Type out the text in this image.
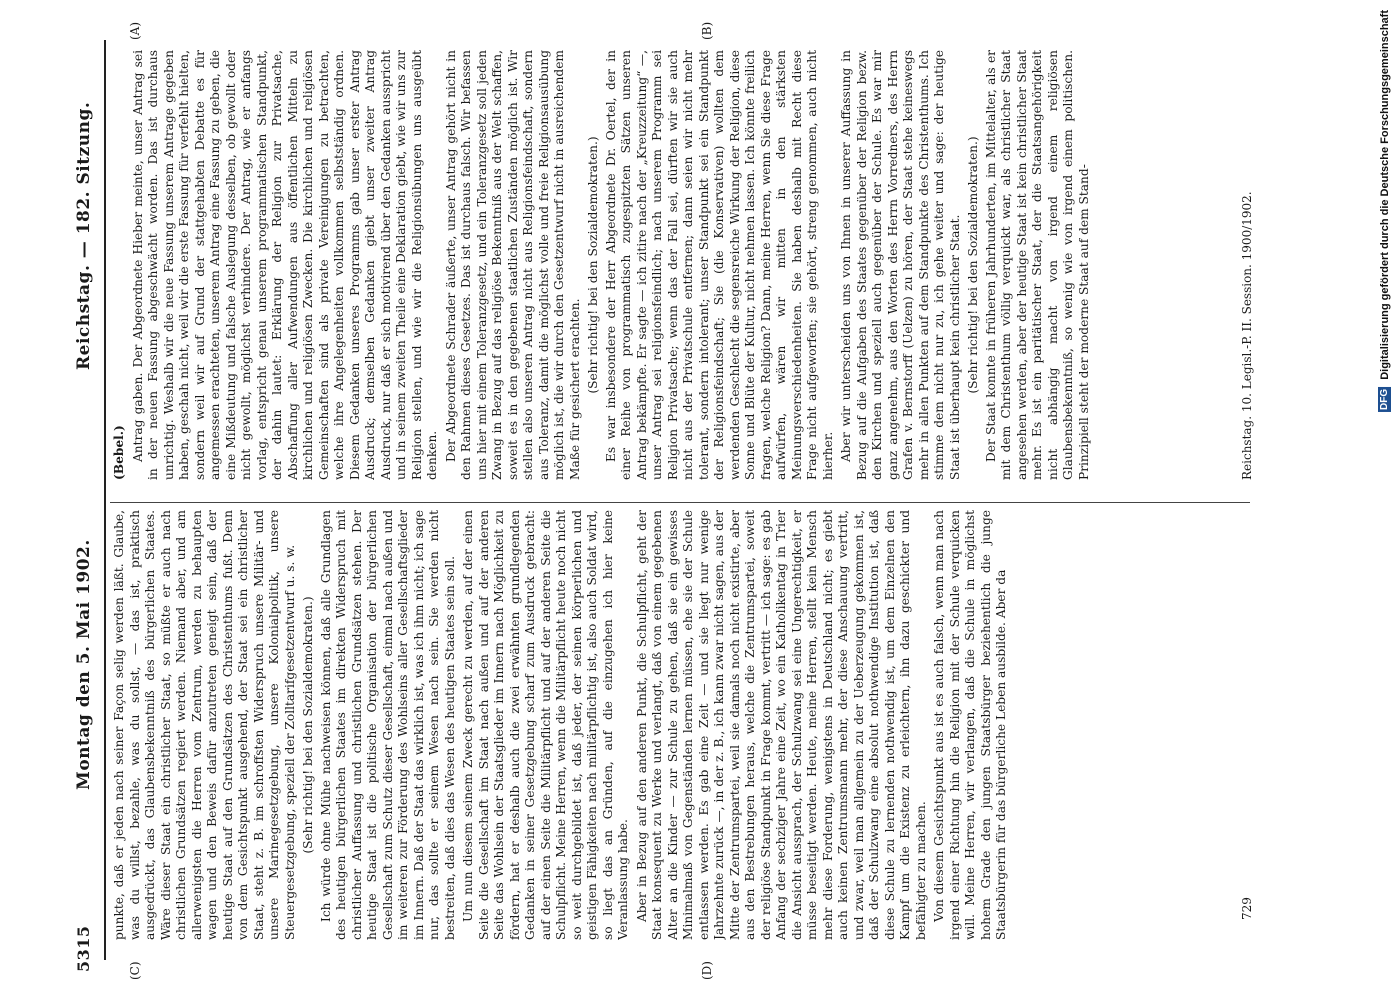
Reichstag. — 182. Sitzung.
Montag den 5. Mai 1902.
5315
(A)	(B)
(C)	(D)

(Bebel.) Antrag gaben. Der Abgeordnete Hieber meinte, unser Antrag sei in der neuen Fassung abgeschwächt worden. Das ist durchaus unrichtig. Weshalb wir die neue Fassung unserem Antrage gegeben haben, geschah nicht, weil wir die erste Fassung für verfehlt hielten, sondern weil wir auf Grund der stattgehabten Debatte es für angemessen erachteten, unserem Antrag eine Fassung zu geben, die eine Mißdeutung und falsche Auslegung desselben, ob gewollt oder nicht gewollt, möglichst verhindere. Der Antrag, wie er anfangs vorlag, entspricht genau unserem programmatischen Standpunkt, der dahin lautet: Erklärung der Religion zur Privatsache, Abschaffung aller Aufwendungen aus öffentlichen Mitteln zu kirchlichen und religiösen Zwecken. Die kirchlichen und religiösen Gemeinschaften sind als private Vereinigungen zu betrachten, welche ihre Angelegenheiten vollkommen selbstständig ordnen. Diesem Gedanken unseres Programms gab unser erster Antrag Ausdruck; demselben Gedanken giebt unser zweiter Antrag Ausdruck, nur daß er sich motivirend über den Gedanken ausspricht und in seinem zweiten Theile eine Deklaration giebt, wie wir uns zur Religion stellen, und wie wir die Religionsübungen uns ausgeübt denken. Der Abgeordnete Schrader äußerte, unser Antrag gehört nicht in den Rahmen dieses Gesetzes. Das ist durchaus falsch. Wir befassen uns hier mit einem Toleranzgesetz, und ein Toleranzgesetz soll jeden Zwang in Bezug auf das religiöse Bekenntniß aus der Welt schaffen, soweit es in den gegebenen staatlichen Zuständen möglich ist. Wir stellen also unseren Antrag nicht aus Religionsfeindschaft, sondern aus Toleranz, damit die möglichst volle und freie Religionsausübung möglich ist, die wir durch den Gesetzentwurf nicht in ausreichendem Maße für gesichert erachten. (Sehr richtig! bei den Sozialdemokraten.) Es war insbesondere der Herr Abgeordnete Dr. Oertel, der in einer Reihe von programmatisch zugespitzten Sätzen unseren Antrag bekämpfte. Er sagte — ich zitire nach der „Kreuzzeitung“ —, unser Antrag sei religionsfeindlich; nach unserem Programm sei Religion Privatsache; wenn das der Fall sei, dürften wir sie auch nicht aus der Privatschule entfernen; dann seien wir nicht mehr tolerant, sondern intolerant; unser Standpunkt sei ein Standpunkt der Religionsfeindschaft; Sie (die Konservativen) wollten dem werdenden Geschlecht die segensreiche Wirkung der Religion, diese Sonne und Blüte der Kultur, nicht nehmen lassen. Ich könnte freilich fragen, welche Religion? Dann, meine Herren, wenn Sie diese Frage aufwürfen, wären wir mitten in den stärksten Meinungsverschiedenheiten. Sie haben deshalb mit Recht diese Frage nicht aufgeworfen; sie gehört, streng genommen, auch nicht hierher. Aber wir unterscheiden uns von Ihnen in unserer Auffassung in Bezug auf die Aufgaben des Staates gegenüber der Religion bezw. den Kirchen und speziell auch gegenüber der Schule. Es war mir ganz angenehm, aus den Worten des Herrn Vorredners, des Herrn Grafen v. Bernstorff (Uelzen) zu hören, der Staat stehe keineswegs mehr in allen Punkten auf dem Standpunkte des Christenthums. Ich stimme dem nicht nur zu, ich gehe weiter und sage: der heutige Staat ist überhaupt kein christlicher Staat. (Sehr richtig! bei den Sozialdemokraten.) Der Staat konnte in früheren Jahrhunderten, im Mittelalter, als er mit dem Christenthum völlig verquickt war, als christlicher Staat angesehen werden, aber der heutige Staat ist kein christlicher Staat mehr. Es ist ein paritätischer Staat, der die Staatsangehörigkeit nicht abhängig macht von irgend einem religiösen Glaubensbekenntniß, so wenig wie von irgend einem politischen. Prinzipiell steht der moderne Staat auf dem Stand-

punkte, daß er jeden nach seiner Façon selig werden läßt. Glaube, was du willst, bezahle, was du sollst, — das ist, praktisch ausgedrückt, das Glaubensbekenntniß des bürgerlichen Staates. Wäre dieser Staat ein christlicher Staat, so müßte er auch nach christlichen Grundsätzen regiert werden. Niemand aber, und am allerwenigsten die Herren vom Zentrum, werden zu behaupten wagen und den Beweis dafür anzutreten geneigt sein, daß der heutige Staat auf den Grundsätzen des Christenthums fußt. Denn von dem Gesichtspunkt ausgehend, der Staat sei ein christlicher Staat, steht z. B. im schroffsten Widerspruch unsere Militär- und unsere Marinegesetzgebung, unsere Kolonialpolitik, unsere Steuergesetzgebung, speziell der Zolltarifgesetzentwurf u. s. w. (Sehr richtig! bei den Sozialdemokraten.) Ich würde ohne Mühe nachweisen können, daß alle Grundlagen des heutigen bürgerlichen Staates im direkten Widerspruch mit christlicher Auffassung und christlichen Grundsätzen stehen. Der heutige Staat ist die politische Organisation der bürgerlichen Gesellschaft zum Schutz dieser Gesellschaft, einmal nach außen und im weiteren zur Förderung des Wohlseins aller Gesellschaftsglieder im Innern. Daß der Staat das wirklich ist, was ich ihm nicht; ich sage nur, das sollte er seinem Wesen nach sein. Sie werden nicht bestreiten, daß dies das Wesen des heutigen Staates sein soll. Um nun diesem seinem Zweck gerecht zu werden, auf der einen Seite die Gesellschaft im Staat nach außen und auf der anderen Seite das Wohlsein der Staatsglieder im Innern nach Möglichkeit zu fördern, hat er deshalb auch die zwei erwähnten grundlegenden Gedanken in seiner Gesetzgebung scharf zum Ausdruck gebracht: auf der einen Seite die Militärpflicht und auf der anderen Seite die Schulpflicht. Meine Herren, wenn die Militärpflicht heute noch nicht so weit durchgebildet ist, daß jeder, der seinen körperlichen und geistigen Fähigkeiten nach militärpflichtig ist, also auch Soldat wird, so liegt das an Gründen, auf die einzugehen ich hier keine Veranlassung habe. Aber in Bezug auf den anderen Punkt, die Schulpflicht, geht der Staat konsequent zu Werke und verlangt, daß von einem gegebenen Alter an die Kinder — zur Schule zu gehen, daß sie ein gewisses Minimalmaß von Gegenständen lernen müssen, ehe sie der Schule entlassen werden. Es gab eine Zeit — und sie liegt nur wenige Jahrzehnte zurück —, in der z. B., ich kann zwar nicht sagen, aus der Mitte der Zentrumspartei, weil sie damals noch nicht existirte, aber aus den Bestrebungen heraus, welche die Zentrumspartei, soweit der religiöse Standpunkt in Frage kommt, vertritt — ich sage: es gab Anfang der sechziger Jahre eine Zeit, wo ein Katholikentag in Trier die Ansicht aussprach, der Schulzwang sei eine Ungerechtigkeit, er müsse beseitigt werden. Heute, meine Herren, stellt kein Mensch mehr diese Forderung, wenigstens in Deutschland nicht; es giebt auch keinen Zentrumsmann mehr, der diese Anschauung vertritt, und zwar, weil man allgemein zu der Ueberzeugung gekommen ist, daß der Schulzwang eine absolut nothwendige Institution ist, daß diese Schule zu lernenden nothwendig ist, um dem Einzelnen den Kampf um die Existenz zu erleichtern, ihn dazu geschickter und befähigter zu machen. Von diesem Gesichtspunkt aus ist es auch falsch, wenn man nach irgend einer Richtung hin die Religion mit der Schule verquicken will. Meine Herren, wir verlangen, daß die Schule in möglichst hohem Grade den jungen Staatsbürger beziehentlich die junge Staatsbürgerin für das bürgerliche Leben ausbilde. Aber da

Reichstag. 10. Legisl.-P. II. Session. 1900/1902.
729
DFG Digitalisierung gefördert durch die Deutsche Forschungsgemeinschaft
